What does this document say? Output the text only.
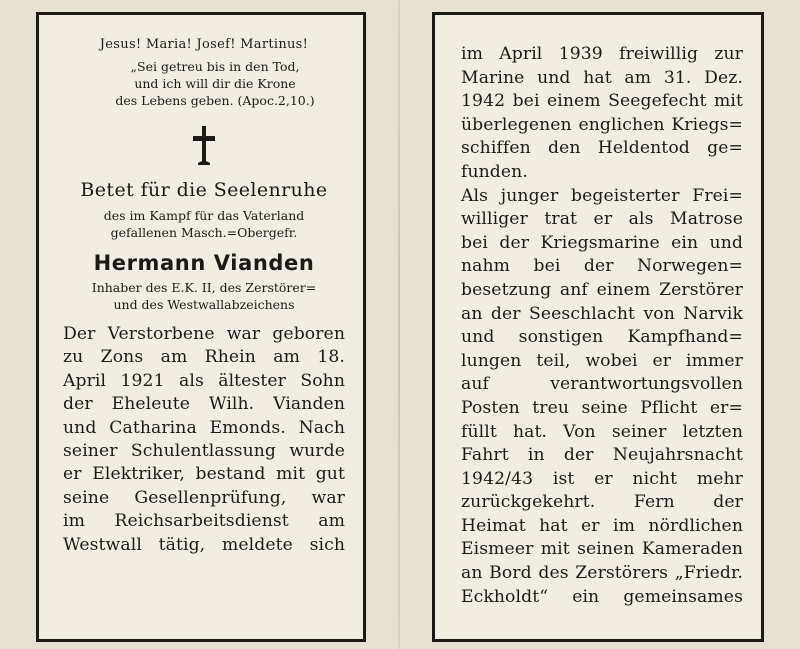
Jesus! Maria! Josef! Martinus!
„Sei getreu bis in den Tod,
und ich will dir die Krone
des Lebens geben. (Apoc.2,10.)
Betet für die Seelenruhe
des im Kampf für das Vaterland
gefallenen Masch.=Obergefr.
Hermann Vianden
Inhaber des E.K. II, des Zerstörer=
und des Westwallabzeichens
Der Verstorbene war geboren
zu Zons am Rhein am 18.
April 1921 als ältester Sohn
der Eheleute Wilh. Vianden
und Catharina Emonds. Nach
seiner Schulentlassung wurde
er Elektriker, bestand mit gut
seine Gesellenprüfung, war
im Reichsarbeitsdienst am
Westwall tätig, meldete sich
im April 1939 freiwillig zur
Marine und hat am 31. Dez.
1942 bei einem Seegefecht mit
überlegenen englichen Kriegs=
schiffen den Heldentod ge=
funden.
Als junger begeisterter Frei=
williger trat er als Matrose
bei der Kriegsmarine ein und
nahm bei der Norwegen=
besetzung anf einem Zerstörer
an der Seeschlacht von Narvik
und sonstigen Kampfhand=
lungen teil, wobei er immer
auf verantwortungsvollen
Posten treu seine Pflicht er=
füllt hat. Von seiner letzten
Fahrt in der Neujahrsnacht
1942/43 ist er nicht mehr
zurückgekehrt. Fern der
Heimat hat er im nördlichen
Eismeer mit seinen Kameraden
an Bord des Zerstörers „Friedr.
Eckholdt“ ein gemeinsames
